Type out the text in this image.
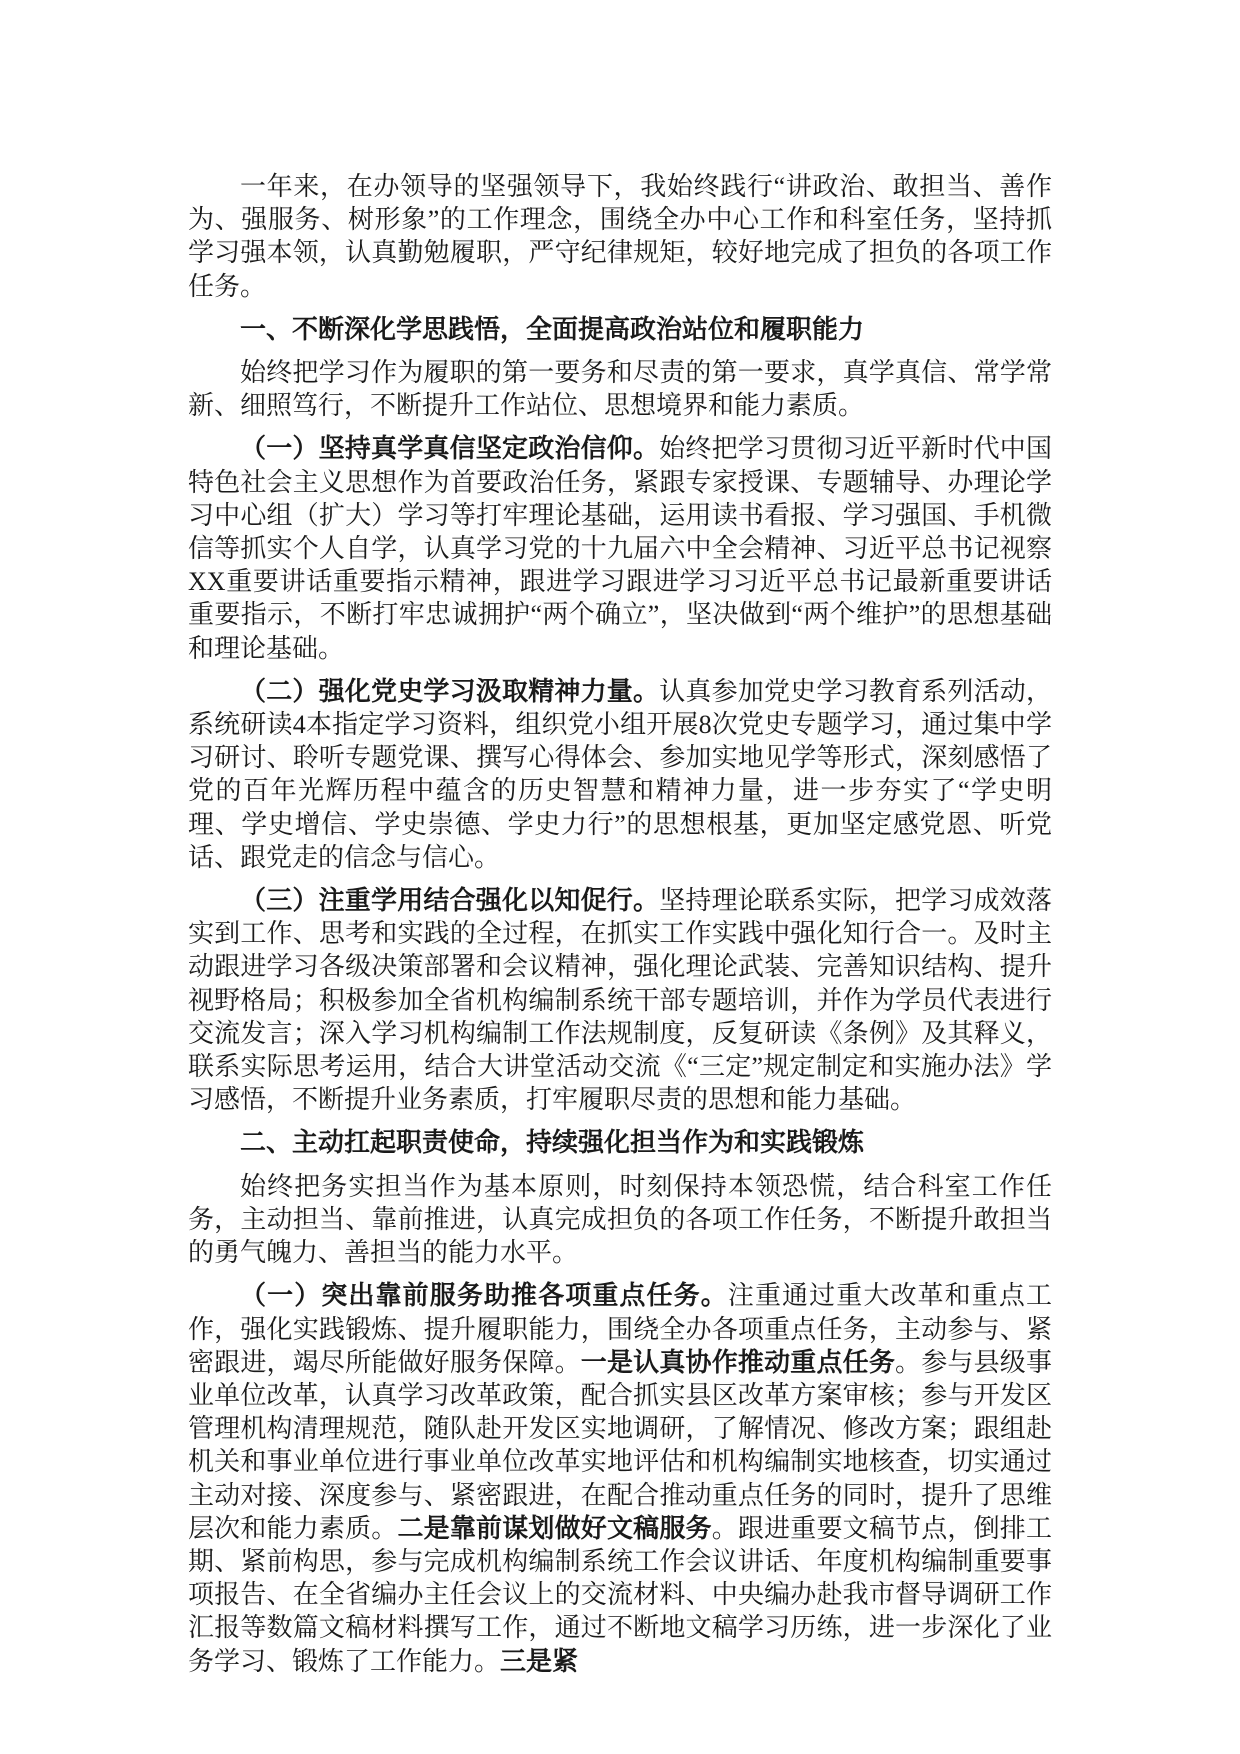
一年来，在办领导的坚强领导下，我始终践行“讲政治、敢担当、善作为、强服务、树形象”的工作理念，围绕全办中心工作和科室任务，坚持抓学习强本领，认真勤勉履职，严守纪律规矩，较好地完成了担负的各项工作任务。

一、不断深化学思践悟，全面提高政治站位和履职能力

始终把学习作为履职的第一要务和尽责的第一要求，真学真信、常学常新、细照笃行，不断提升工作站位、思想境界和能力素质。

（一）坚持真学真信坚定政治信仰。始终把学习贯彻习近平新时代中国特色社会主义思想作为首要政治任务，紧跟专家授课、专题辅导、办理论学习中心组（扩大）学习等打牢理论基础，运用读书看报、学习强国、手机微信等抓实个人自学，认真学习党的十九届六中全会精神、习近平总书记视察XX重要讲话重要指示精神，跟进学习跟进学习习近平总书记最新重要讲话重要指示，不断打牢忠诚拥护“两个确立”，坚决做到“两个维护”的思想基础和理论基础。

（二）强化党史学习汲取精神力量。认真参加党史学习教育系列活动，系统研读4本指定学习资料，组织党小组开展8次党史专题学习，通过集中学习研讨、聆听专题党课、撰写心得体会、参加实地见学等形式，深刻感悟了党的百年光辉历程中蕴含的历史智慧和精神力量，进一步夯实了“学史明理、学史增信、学史崇德、学史力行”的思想根基，更加坚定感党恩、听党话、跟党走的信念与信心。

（三）注重学用结合强化以知促行。坚持理论联系实际，把学习成效落实到工作、思考和实践的全过程，在抓实工作实践中强化知行合一。及时主动跟进学习各级决策部署和会议精神，强化理论武装、完善知识结构、提升视野格局；积极参加全省机构编制系统干部专题培训，并作为学员代表进行交流发言；深入学习机构编制工作法规制度，反复研读《条例》及其释义，联系实际思考运用，结合大讲堂活动交流《“三定”规定制定和实施办法》学习感悟，不断提升业务素质，打牢履职尽责的思想和能力基础。

二、主动扛起职责使命，持续强化担当作为和实践锻炼

始终把务实担当作为基本原则，时刻保持本领恐慌，结合科室工作任务，主动担当、靠前推进，认真完成担负的各项工作任务，不断提升敢担当的勇气魄力、善担当的能力水平。

（一）突出靠前服务助推各项重点任务。注重通过重大改革和重点工作，强化实践锻炼、提升履职能力，围绕全办各项重点任务，主动参与、紧密跟进，竭尽所能做好服务保障。一是认真协作推动重点任务。参与县级事业单位改革，认真学习改革政策，配合抓实县区改革方案审核；参与开发区管理机构清理规范，随队赴开发区实地调研，了解情况、修改方案；跟组赴机关和事业单位进行事业单位改革实地评估和机构编制实地核查，切实通过主动对接、深度参与、紧密跟进，在配合推动重点任务的同时，提升了思维层次和能力素质。二是靠前谋划做好文稿服务。跟进重要文稿节点，倒排工期、紧前构思，参与完成机构编制系统工作会议讲话、年度机构编制重要事项报告、在全省编办主任会议上的交流材料、中央编办赴我市督导调研工作汇报等数篇文稿材料撰写工作，通过不断地文稿学习历练，进一步深化了业务学习、锻炼了工作能力。三是紧
